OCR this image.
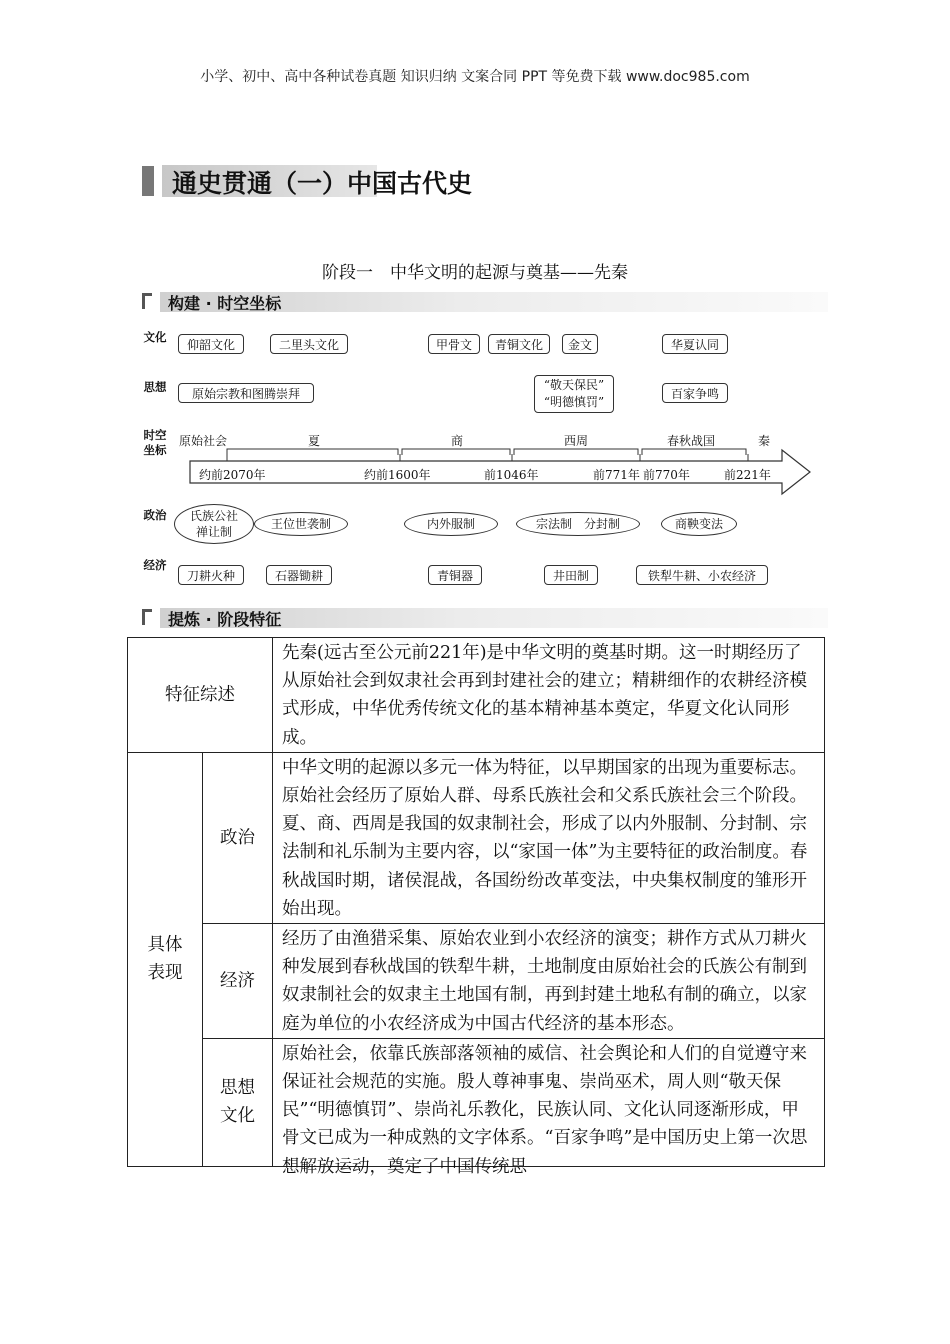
小学、初中、高中各种试卷真题 知识归纳 文案合同 PPT 等免费下载 www.doc985.com
通史贯通（一）中国古代史
阶段一　中华文明的起源与奠基——先秦
构建 · 时空坐标
文化
思想
时空坐标
政治
经济
仰韶文化	二里头文化	甲骨文	青铜文化	金文	华夏认同
原始宗教和图腾崇拜
“敬天保民”
“明德慎罚”
百家争鸣
原始社会	夏	商	西周	春秋战国	秦
约前2070年	约前1600年	前1046年	前771年 前770年	前221年
氏族公社
禅让制
王位世袭制	内外服制	宗法制　分封制	商鞅变法
刀耕火种	石器锄耕	青铜器	井田制	铁犁牛耕、小农经济
提炼 · 阶段特征
特征综述		先秦(远古至公元前221年)是中华文明的奠基时期。这一时期经历了从原始社会到奴隶社会再到封建社会的建立；精耕细作的农耕经济模式形成，中华优秀传统文化的基本精神基本奠定，华夏文化认同形成。

具体表现	政治	中华文明的起源以多元一体为特征，以早期国家的出现为重要标志。原始社会经历了原始人群、母系氏族社会和父系氏族社会三个阶段。夏、商、西周是我国的奴隶制社会，形成了以内外服制、分封制、宗法制和礼乐制为主要内容，以“家国一体”为主要特征的政治制度。春秋战国时期，诸侯混战，各国纷纷改革变法，中央集权制度的雏形开始出现。
	经济	经历了由渔猎采集、原始农业到小农经济的演变；耕作方式从刀耕火种发展到春秋战国的铁犁牛耕，土地制度由原始社会的氏族公有制到奴隶制社会的奴隶主土地国有制，再到封建土地私有制的确立，以家庭为单位的小农经济成为中国古代经济的基本形态。

	思想文化	原始社会，依靠氏族部落领袖的威信、社会舆论和人们的自觉遵守来保证社会规范的实施。殷人尊神事鬼、崇尚巫术，周人则“敬天保民”“明德慎罚”、崇尚礼乐教化，民族认同、文化认同逐渐形成，甲骨文已成为一种成熟的文字体系。“百家争鸣”是中国历史上第一次思想解放运动，奠定了中国传统思
